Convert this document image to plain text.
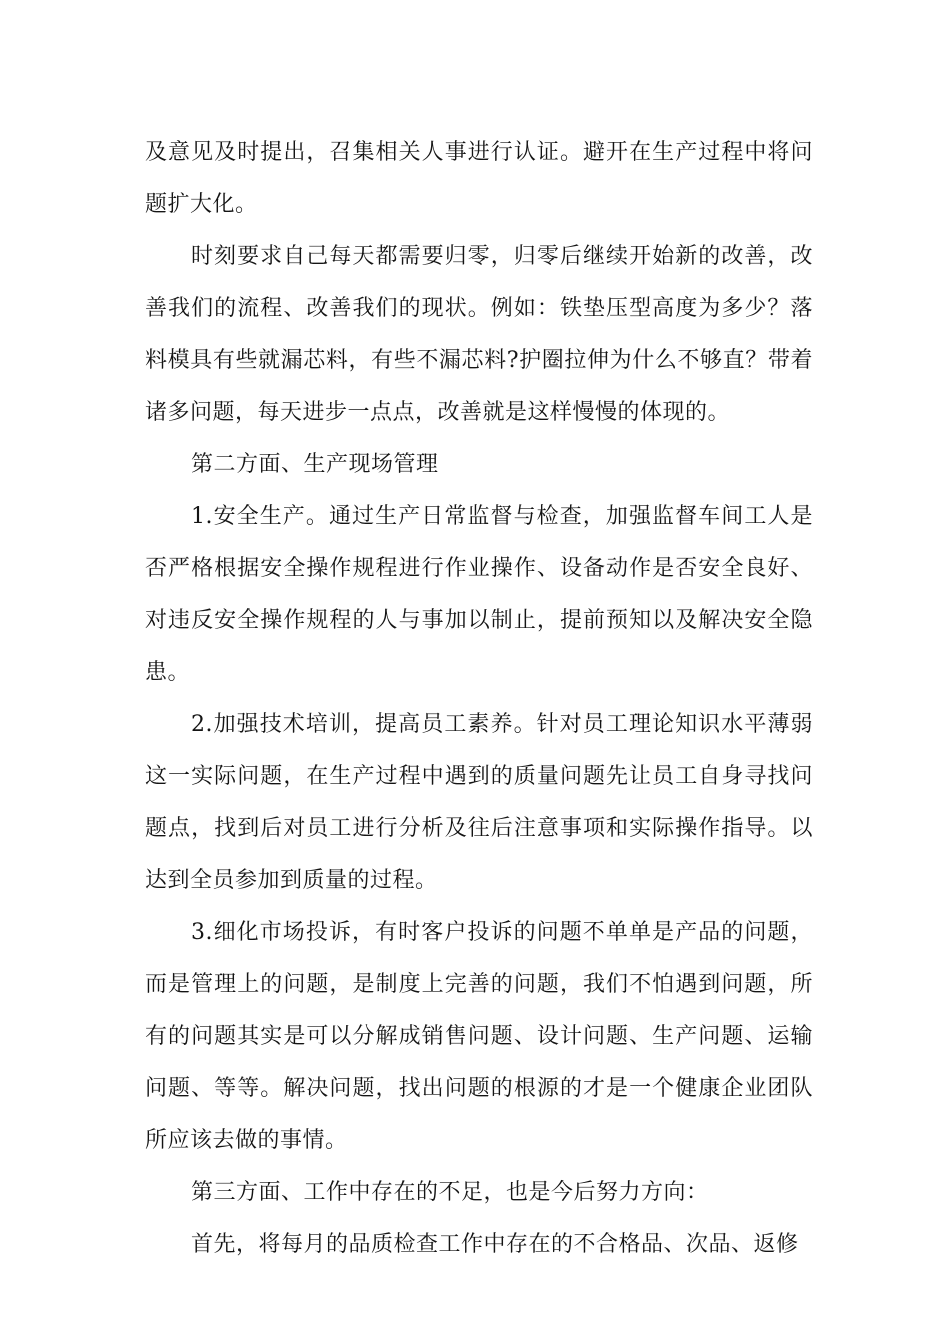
及意见及时提出，召集相关人事进行认证。避开在生产过程中将问题扩大化。

时刻要求自己每天都需要归零，归零后继续开始新的改善，改善我们的流程、改善我们的现状。例如：铁垫压型高度为多少？落料模具有些就漏芯料，有些不漏芯料?护圈拉伸为什么不够直？带着诸多问题，每天进步一点点，改善就是这样慢慢的体现的。

第二方面、生产现场管理

1.安全生产。通过生产日常监督与检查，加强监督车间工人是否严格根据安全操作规程进行作业操作、设备动作是否安全良好、对违反安全操作规程的人与事加以制止，提前预知以及解决安全隐患。

2.加强技术培训，提高员工素养。针对员工理论知识水平薄弱这一实际问题，在生产过程中遇到的质量问题先让员工自身寻找问题点，找到后对员工进行分析及往后注意事项和实际操作指导。以达到全员参加到质量的过程。

3.细化市场投诉，有时客户投诉的问题不单单是产品的问题，而是管理上的问题，是制度上完善的问题，我们不怕遇到问题，所有的问题其实是可以分解成销售问题、设计问题、生产问题、运输问题、等等。解决问题，找出问题的根源的才是一个健康企业团队所应该去做的事情。

第三方面、工作中存在的不足，也是今后努力方向：

首先，将每月的品质检查工作中存在的不合格品、次品、返修
